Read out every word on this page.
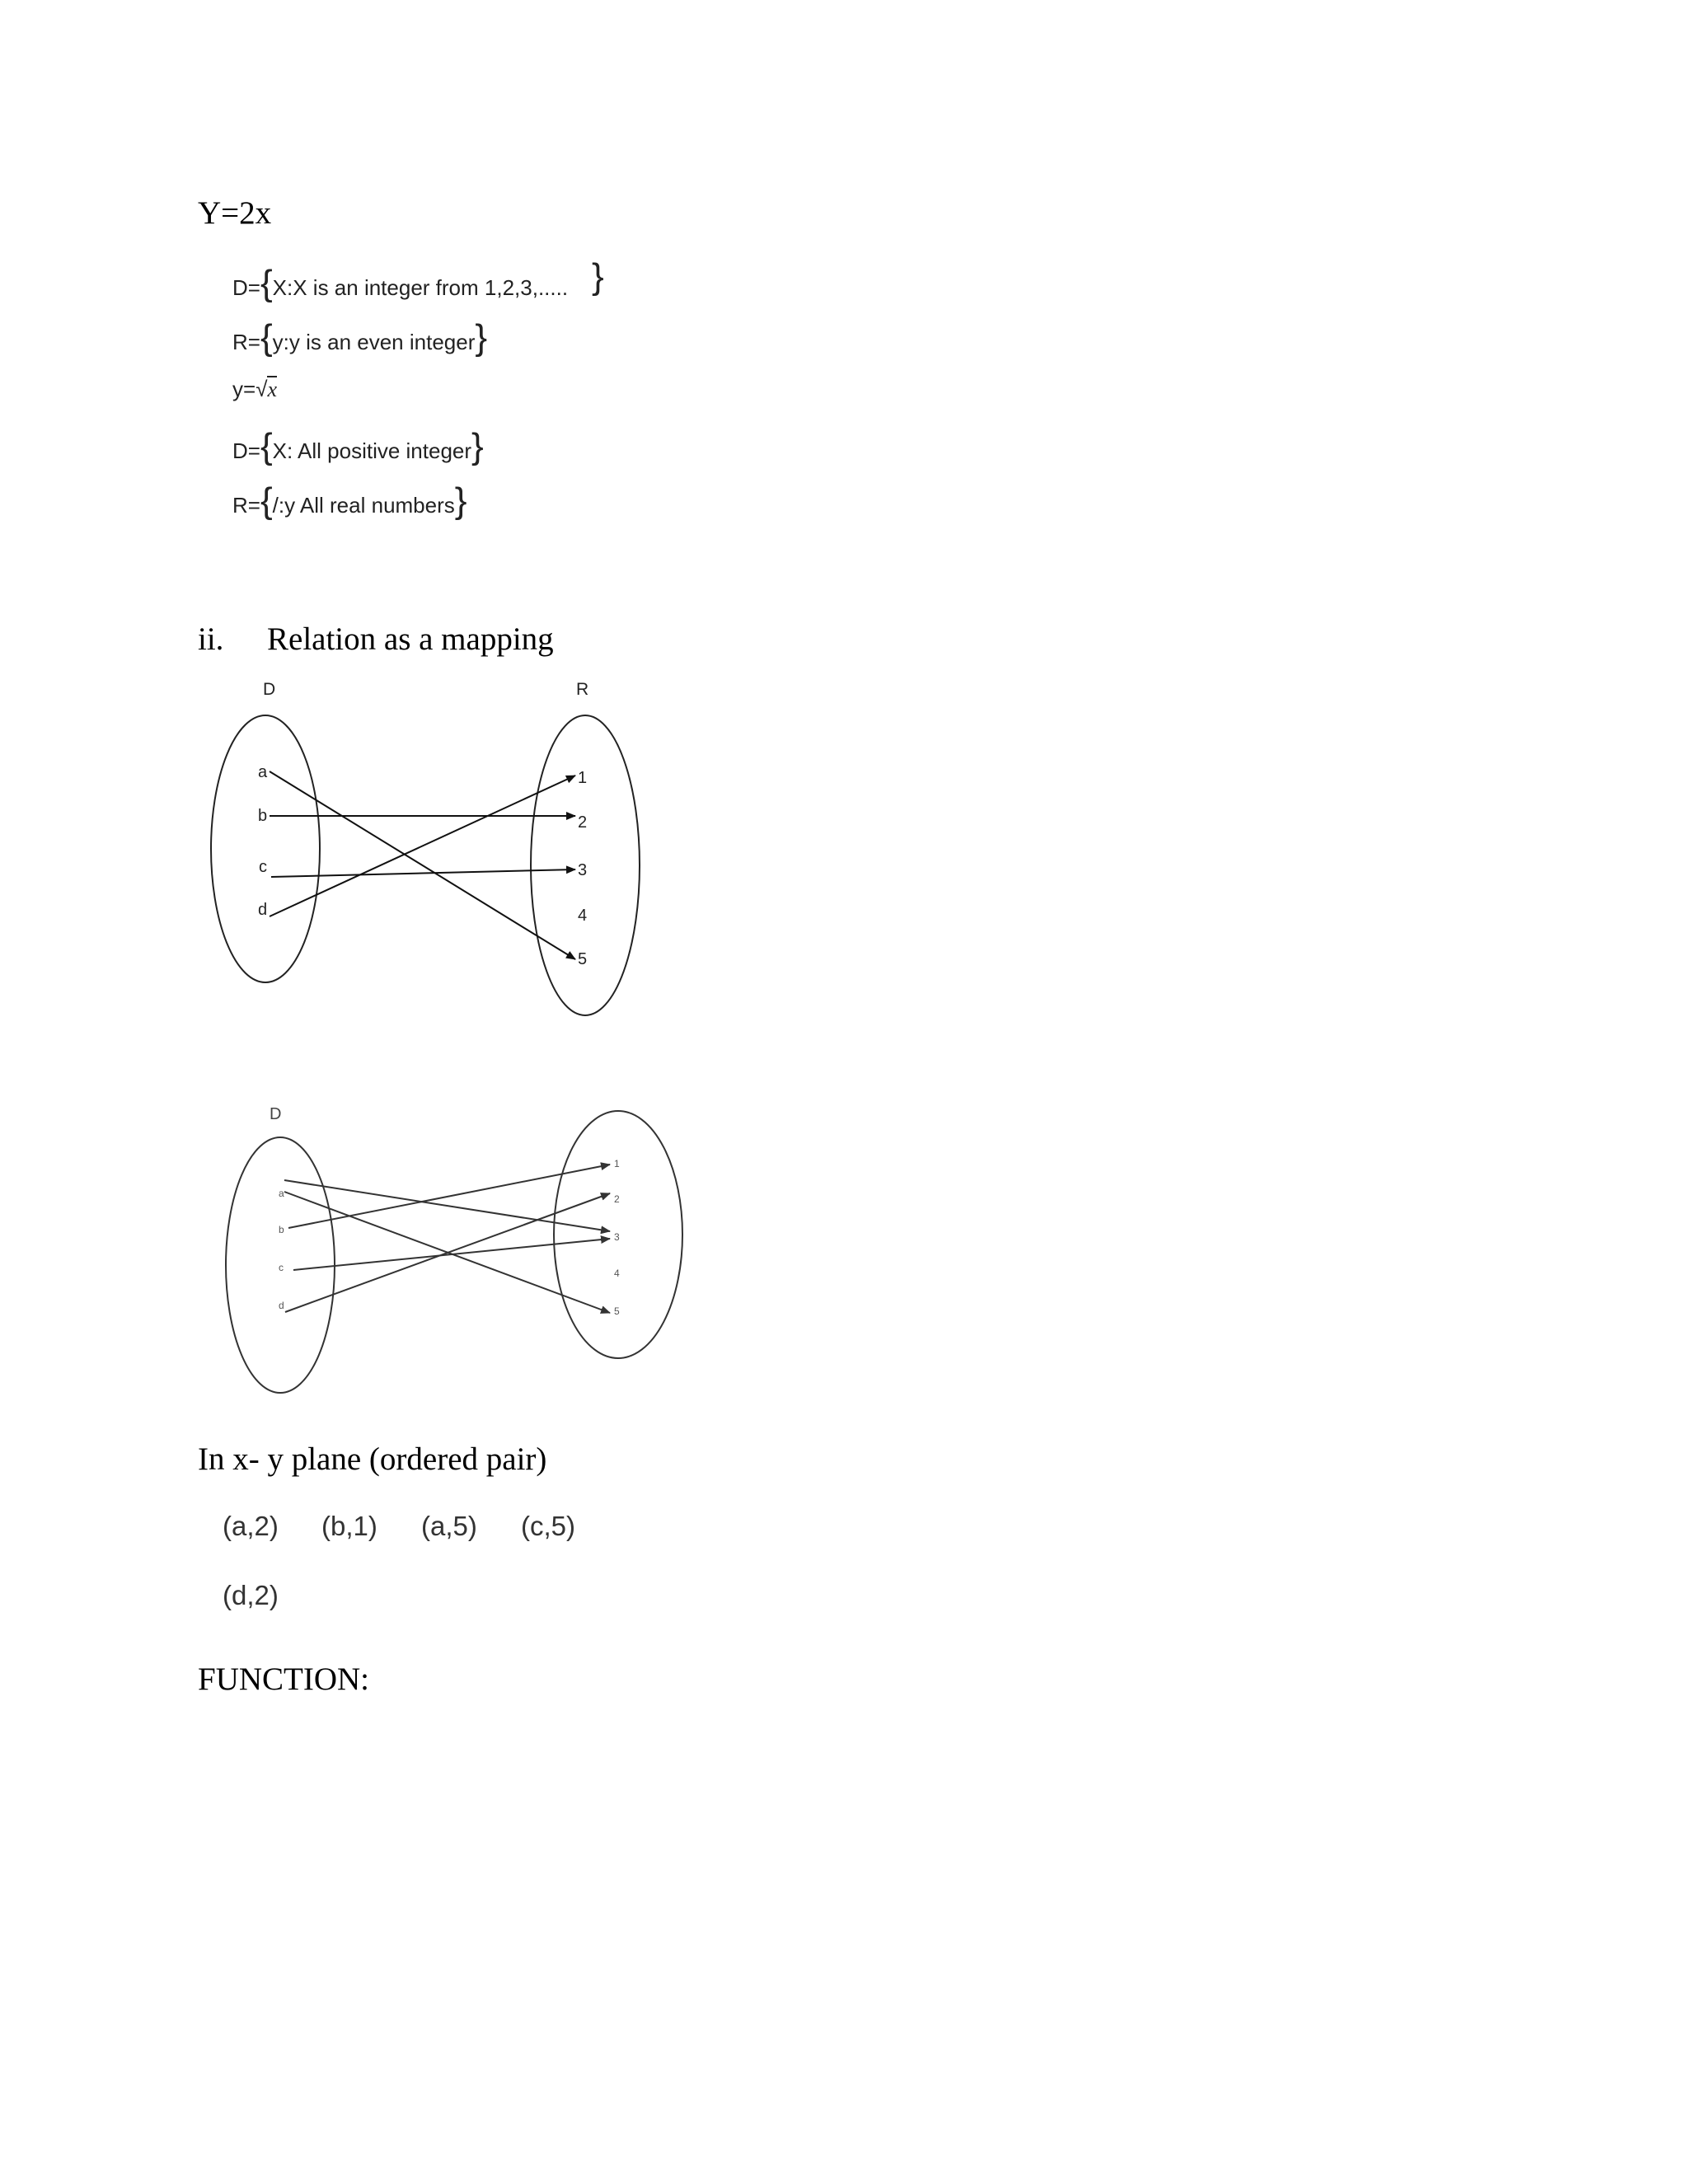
Y=2x
D={X:X is an integer from 1,2,3,..... }
R={y:y is an even integer}
y=√x
D={X: All positive integer}
R={/:y All real numbers}
ii. Relation as a mapping
D	R
a
b
c
d
1
2
3
4
5
D
a
b
c
d
1
2
3
4
5
In x- y plane (ordered pair)
(a,2) (b,1) (a,5) (c,5)
(d,2)
FUNCTION:
